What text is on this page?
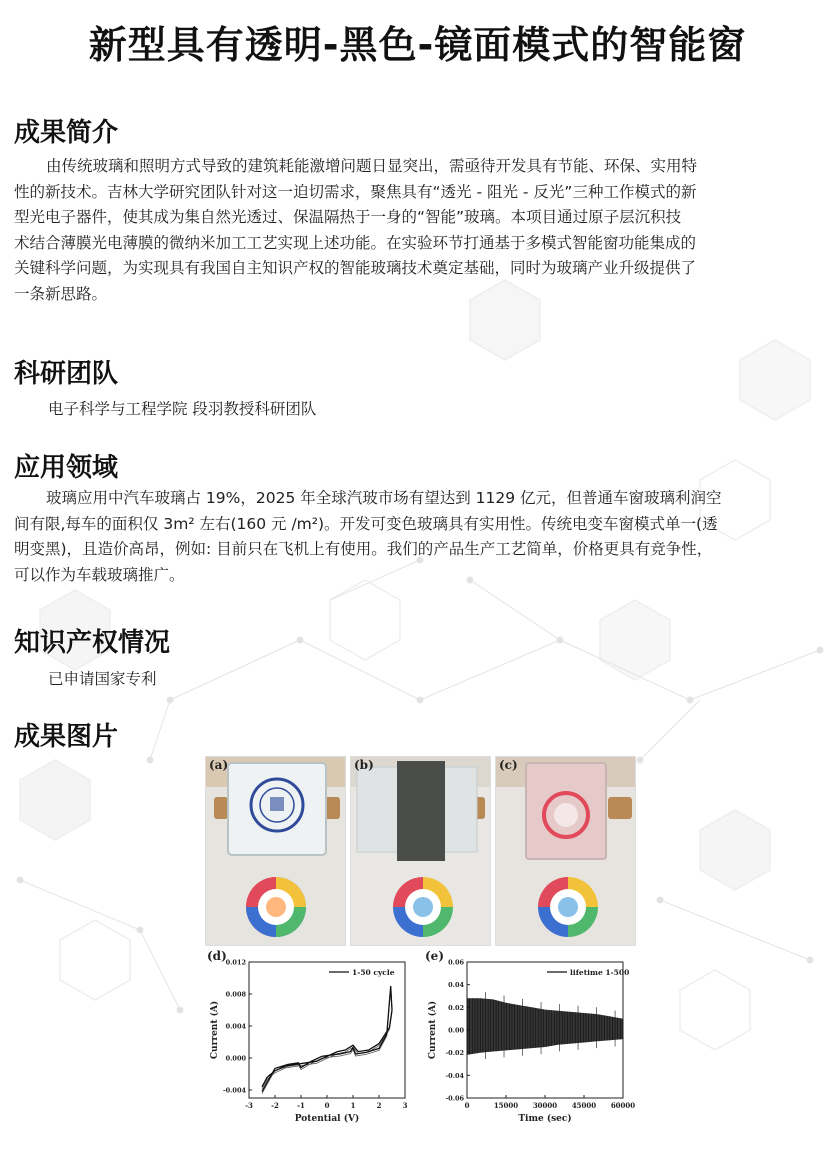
新型具有透明-黑色-镜面模式的智能窗
成果简介
由传统玻璃和照明方式导致的建筑耗能激增问题日显突出，需亟待开发具有节能、环保、实用特
性的新技术。吉林大学研究团队针对这一迫切需求，聚焦具有“透光 - 阻光 - 反光”三种工作模式的新
型光电子器件，使其成为集自然光透过、保温隔热于一身的“智能”玻璃。本项目通过原子层沉积技
术结合薄膜光电薄膜的微纳米加工工艺实现上述功能。在实验环节打通基于多模式智能窗功能集成的
关键科学问题，为实现具有我国自主知识产权的智能玻璃技术奠定基础，同时为玻璃产业升级提供了
一条新思路。
科研团队
电子科学与工程学院 段羽教授科研团队
应用领域
玻璃应用中汽车玻璃占 19%，2025 年全球汽玻市场有望达到 1129 亿元，但普通车窗玻璃利润空
间有限,每车的面积仅 3m² 左右(160 元 /m²)。开发可变色玻璃具有实用性。传统电变车窗模式单一(透
明变黑)，且造价高昂，例如: 目前只在飞机上有使用。我们的产品生产工艺简单，价格更具有竞争性，
可以作为车载玻璃推广。
知识产权情况
已申请国家专利
成果图片
(a)	(b)	(c)
(d)
-3	-2	-1	0	1	2	3
-0.004
0.000
0.004
0.008
0.012
Potential (V)
Current (A)
1-50 cycle
(e)
0	15000 30000 45000 60000
-0.06
-0.04
-0.02
0.00
0.02
0.04
0.06
Time (sec)
Current (A)
lifetime 1-500
